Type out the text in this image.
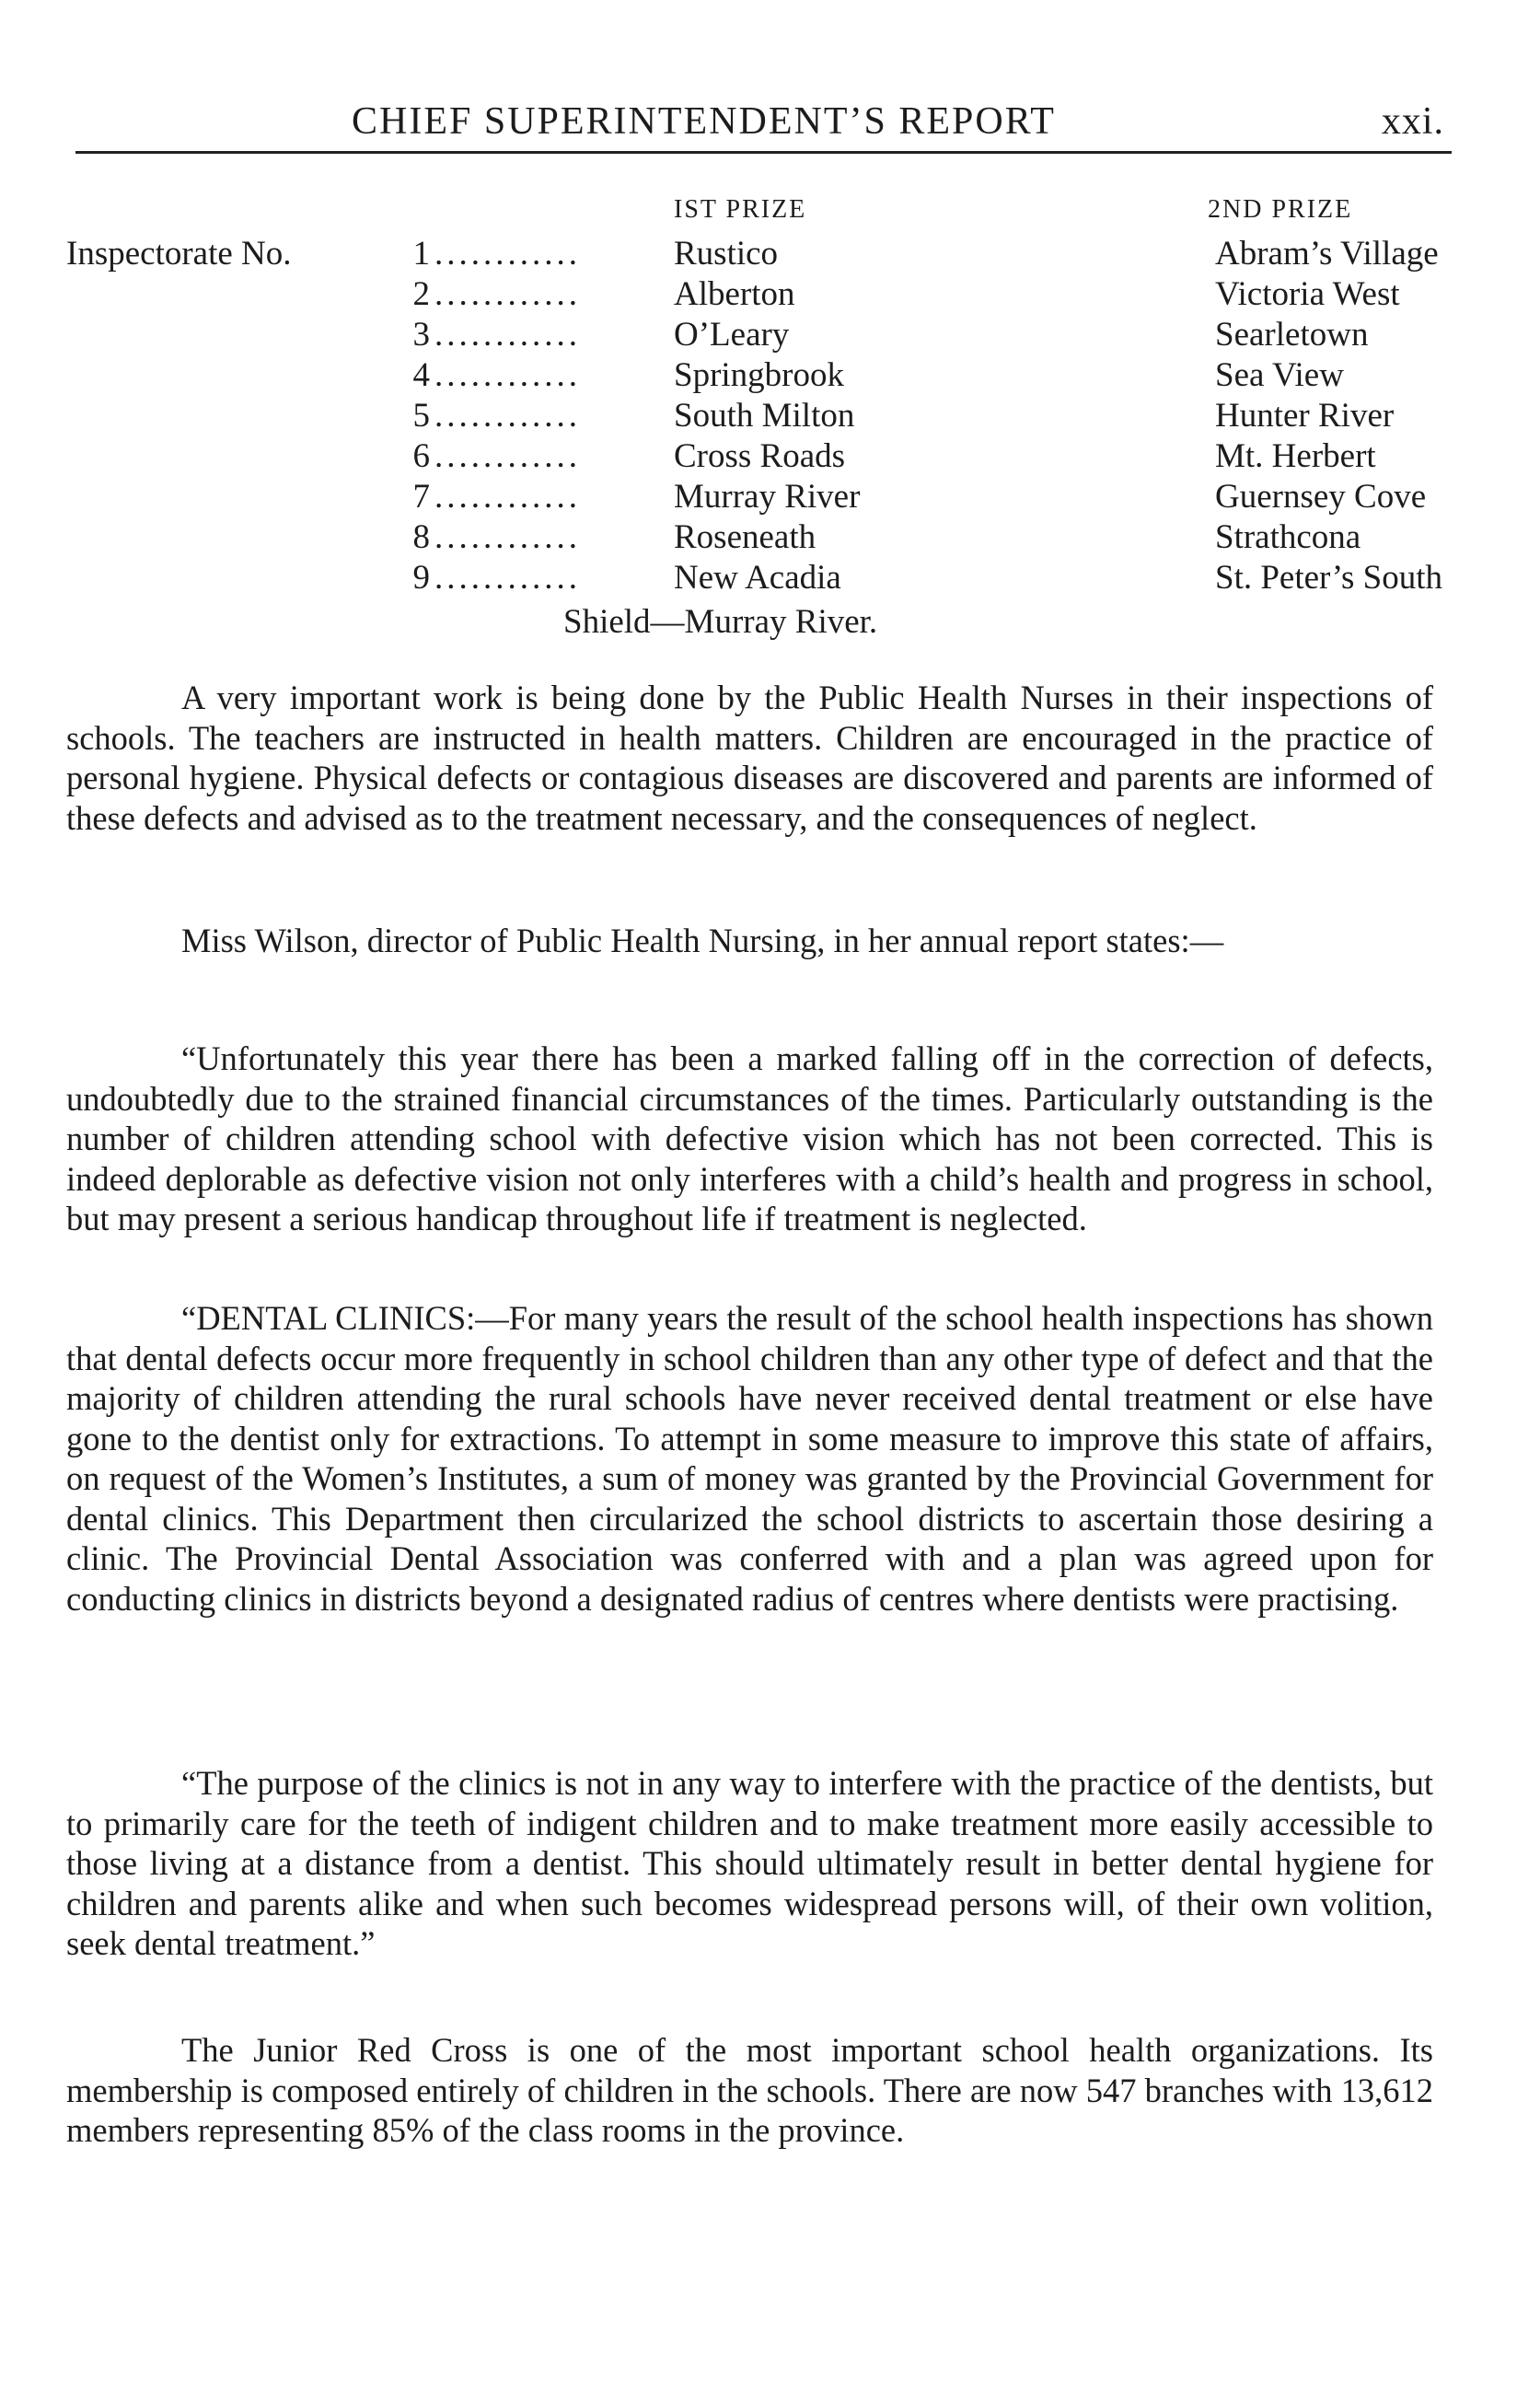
CHIEF SUPERINTENDENT’S REPORT	xxi.
IST PRIZE	2ND PRIZE
Inspectorate No.	1 ............	Rustico	Abram’s Village
2 ............	Alberton	Victoria West
3 ............	O’Leary	Searletown
4 ............	Springbrook	Sea View
5 ............	South Milton	Hunter River
6 ............	Cross Roads	Mt. Herbert
7 ............	Murray River	Guernsey Cove
8 ............	Roseneath	Strathcona
9 ............	New Acadia	St. Peter’s South
Shield—Murray River.

A very important work is being done by the Public Health Nurses in their inspections of schools. The teachers are instructed in health matters. Children are encouraged in the practice of personal hygiene. Physical defects or contagious diseases are discovered and parents are informed of these defects and advised as to the treatment necessary, and the consequences of neglect.

Miss Wilson, director of Public Health Nursing, in her annual report states:—

“Unfortunately this year there has been a marked falling off in the correction of defects, undoubtedly due to the strained financial circumstances of the times. Particularly outstanding is the number of children attending school with defective vision which has not been corrected. This is indeed deplorable as defective vision not only interferes with a child’s health and progress in school, but may present a serious handicap throughout life if treatment is neglected.

“DENTAL CLINICS:—For many years the result of the school health inspections has shown that dental defects occur more frequently in school children than any other type of defect and that the majority of children attending the rural schools have never received dental treatment or else have gone to the dentist only for extractions. To attempt in some measure to improve this state of affairs, on request of the Women’s Institutes, a sum of money was granted by the Provincial Government for dental clinics. This Department then circularized the school districts to ascertain those desiring a clinic. The Provincial Dental Association was conferred with and a plan was agreed upon for conducting clinics in districts beyond a designated radius of centres where dentists were practising.

“The purpose of the clinics is not in any way to interfere with the practice of the dentists, but to primarily care for the teeth of indigent children and to make treatment more easily accessible to those living at a distance from a dentist. This should ultimately result in better dental hygiene for children and parents alike and when such becomes widespread persons will, of their own volition, seek dental treatment.”

The Junior Red Cross is one of the most important school health organizations. Its membership is composed entirely of children in the schools. There are now 547 branches with 13,612 members representing 85% of the class rooms in the province.
